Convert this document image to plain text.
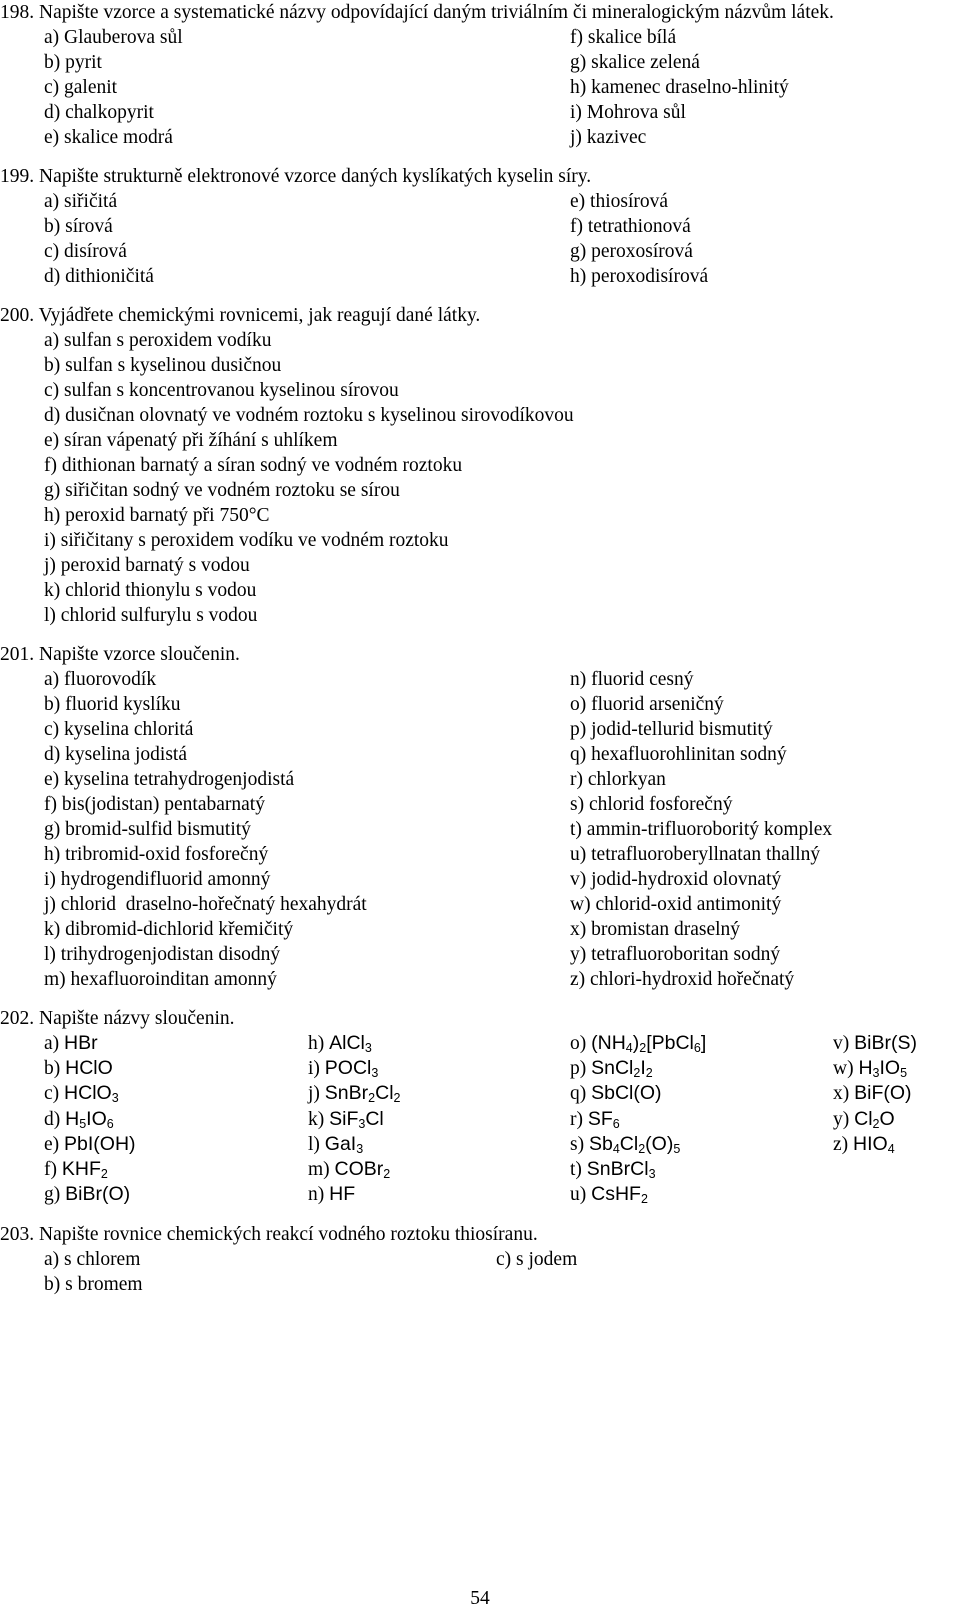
198. Napište vzorce a systematické názvy odpovídající daným triviálním či mineralogickým názvům látek.
a) Glauberova sůl
b) pyrit
c) galenit
d) chalkopyrit
e) skalice modrá
f) skalice bílá
g) skalice zelená
h) kamenec draselno-hlinitý
i) Mohrova sůl
j) kazivec
199. Napište strukturně elektronové vzorce daných kyslíkatých kyselin síry.
a) siřičitá
b) sírová
c) disírová
d) dithioničitá
e) thiosírová
f) tetrathionová
g) peroxosírová
h) peroxodisírová
200. Vyjádřete chemickými rovnicemi, jak reagují dané látky.
a) sulfan s peroxidem vodíku
b) sulfan s kyselinou dusičnou
c) sulfan s koncentrovanou kyselinou sírovou
d) dusičnan olovnatý ve vodném roztoku s kyselinou sirovodíkovou
e) síran vápenatý při žíhání s uhlíkem
f) dithionan barnatý a síran sodný ve vodném roztoku
g) siřičitan sodný ve vodném roztoku se sírou
h) peroxid barnatý při 750°C
i) siřičitany s peroxidem vodíku ve vodném roztoku
j) peroxid barnatý s vodou
k) chlorid thionylu s vodou
l) chlorid sulfurylu s vodou
201. Napište vzorce sloučenin.
a) fluorovodík
b) fluorid kyslíku
c) kyselina chloritá
d) kyselina jodistá
e) kyselina tetrahydrogenjodistá
f) bis(jodistan) pentabarnatý
g) bromid-sulfid bismutitý
h) tribromid-oxid fosforečný
i) hydrogendifluorid amonný
j) chlorid  draselno-hořečnatý hexahydrát
k) dibromid-dichlorid křemičitý
l) trihydrogenjodistan disodný
m) hexafluoroinditan amonný
n) fluorid cesný
o) fluorid arseničný
p) jodid-tellurid bismutitý
q) hexafluorohlinitan sodný
r) chlorkyan
s) chlorid fosforečný
t) ammin-trifluoroboritý komplex
u) tetrafluoroberyllnatan thallný
v) jodid-hydroxid olovnatý
w) chlorid-oxid antimonitý
x) bromistan draselný
y) tetrafluoroboritan sodný
z) chlori-hydroxid hořečnatý
202. Napište názvy sloučenin.
a) HBr
b) HClO
c) HClO$_3$
d) $H_5IO_6$
e) PbI(OH)
f) $KHF_2$
g) BiBr(O)
h) AlCl$_3$
i) POCl$_3$
j) $SnBr_2Cl_2$
k) SiF$_3$Cl
l) GaI$_3$
m) COBr$_2$
n) HF
o) $(NH_4)_2[PbCl_6]$
p) $SnCl_2I_2$
q) SbCl(O)
r) $SF_6$
s) $Sb_4Cl_2(O)_5$
t) SnBrCl$_3$
u) CsHF$_2$
v) BiBr(S)
w) $H_3IO_5$
x) BiF(O)
y) $Cl_2O$
z) $HIO_4$
203. Napište rovnice chemických reakcí vodného roztoku thiosíranu.
a) s chlorem
b) s bromem
c) s jodem
54
